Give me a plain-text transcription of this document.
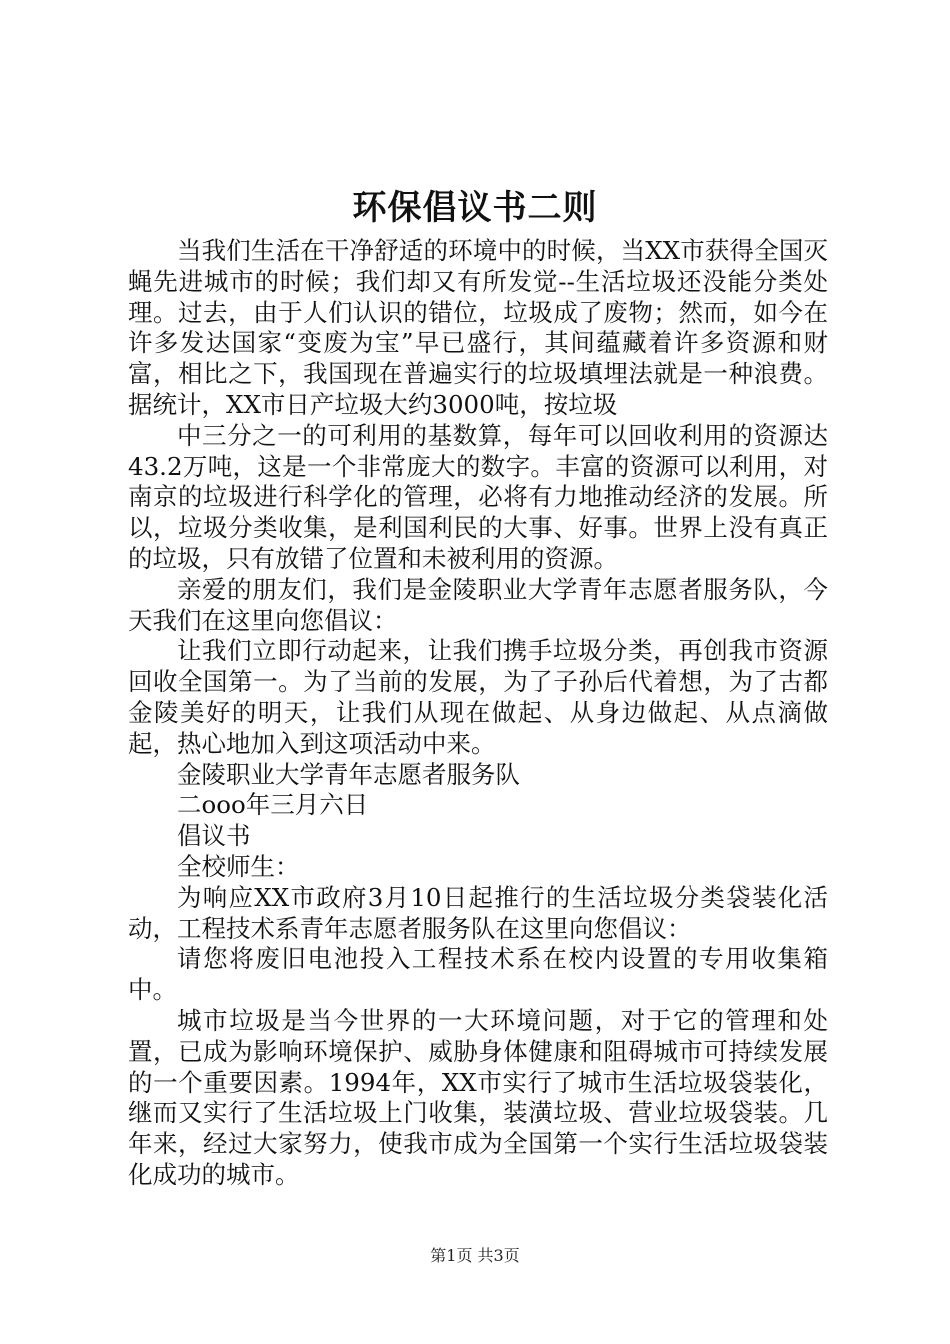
环保倡议书二则

当我们生活在干净舒适的环境中的时候，当XX市获得全国灭蝇先进城市的时候；我们却又有所发觉--生活垃圾还没能分类处理。过去，由于人们认识的错位，垃圾成了废物；然而，如今在许多发达国家“变废为宝”早已盛行，其间蕴藏着许多资源和财富，相比之下，我国现在普遍实行的垃圾填埋法就是一种浪费。据统计，XX市日产垃圾大约3000吨，按垃圾

中三分之一的可利用的基数算，每年可以回收利用的资源达43.2万吨，这是一个非常庞大的数字。丰富的资源可以利用，对南京的垃圾进行科学化的管理，必将有力地推动经济的发展。所以，垃圾分类收集，是利国利民的大事、好事。世界上没有真正的垃圾，只有放错了位置和未被利用的资源。

亲爱的朋友们，我们是金陵职业大学青年志愿者服务队，今天我们在这里向您倡议：

让我们立即行动起来，让我们携手垃圾分类，再创我市资源回收全国第一。为了当前的发展，为了子孙后代着想，为了古都金陵美好的明天，让我们从现在做起、从身边做起、从点滴做起，热心地加入到这项活动中来。

金陵职业大学青年志愿者服务队

二ooo年三月六日

倡议书

全校师生：

为响应XX市政府3月10日起推行的生活垃圾分类袋装化活动，工程技术系青年志愿者服务队在这里向您倡议：

请您将废旧电池投入工程技术系在校内设置的专用收集箱中。

城市垃圾是当今世界的一大环境问题，对于它的管理和处置，已成为影响环境保护、威胁身体健康和阻碍城市可持续发展的一个重要因素。1994年，XX市实行了城市生活垃圾袋装化，继而又实行了生活垃圾上门收集，装潢垃圾、营业垃圾袋装。几年来，经过大家努力，使我市成为全国第一个实行生活垃圾袋装化成功的城市。

第1页 共3页
